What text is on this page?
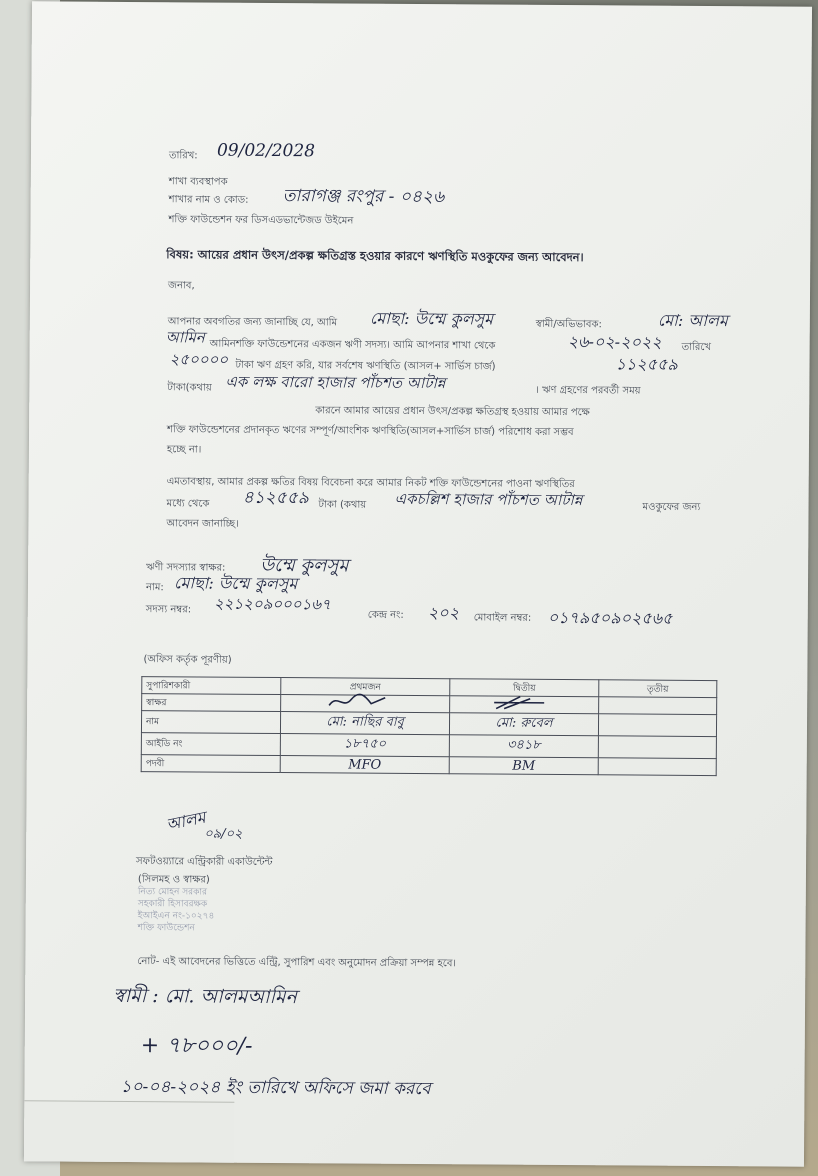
তারিখ: 09/02/2028
শাখা ব্যবস্থাপক
শাখার নাম ও কোড: তারাগঞ্জ রংপুর - ০৪২৬
শক্তি ফাউন্ডেশন ফর ডিসএডভান্টেজড উইমেন
বিষয়: আয়ের প্রধান উৎস/প্রকল্প ক্ষতিগ্রস্ত হওয়ার কারণে ঋণস্থিতি মওকুফের জন্য আবেদন।
জনাব,
আপনার অবগতির জন্য জানাচ্ছি যে, আমি মোছা: উম্মে কুলসুম	স্বামী/অভিভাবক:	মো: আলম
আমিন আমিনশক্তি ফাউন্ডেশনের একজন ঋণী সদস্য। আমি আপনার শাখা থেকে	২৬-০২-২০২২ তারিখে
২৫০০০০ টাকা ঋণ গ্রহণ করি, যার সর্বশেষ ঋণস্থিতি (আসল+ সার্ভিস চার্জ)	১১২৫৫৯
টাকা(কথায় এক লক্ষ বারো হাজার পাঁচশত আটান্ন	। ঋণ গ্রহণের পরবর্তী সময়
কারনে আমার আয়ের প্রধান উৎস/প্রকল্প ক্ষতিগ্রস্থ হওয়ায় আমার পক্ষে
শক্তি ফাউন্ডেশনের প্রদানকৃত ঋণের সম্পূর্ণ/আংশিক ঋণস্থিতি(আসল+সার্ভিস চার্জ) পরিশোধ করা সম্ভব
হচ্ছে না।
এমতাবস্থায়, আমার প্রকল্প ক্ষতির বিষয় বিবেচনা করে আমার নিকট শক্তি ফাউন্ডেশনের পাওনা ঋণস্থিতির
মধ্যে থেকে ৪১২৫৫৯ টাকা (কথায় একচল্লিশ হাজার পাঁচশত আটান্ন	মওকুফের জন্য
আবেদন জানাচ্ছি।
ঋণী সদস্যার স্বাক্ষর: উম্মে কুলসুম
নাম: মোছা: উম্মে কুলসুম
সদস্য নম্বর: ২২১২০৯০০০১৬৭
কেন্দ্র নং: ২০২ মোবাইল নম্বর: ০১৭৯৫০৯০২৫৬৫
(অফিস কর্তৃক পূরণীয়)
সুপারিশকারী	প্রথমজন	দ্বিতীয়	তৃতীয়
স্বাক্ষর	

নাম	মো: নাছির বাবু	মো: রুবেল	
আইডি নং	১৮৭৫০	৩৪১৮	
পদবী	MFO	BM	
আলম
০৯/০২
সফটওয়্যারে এন্ট্রিকারী একাউন্টেন্ট
(সিলমহ ও স্বাক্ষর)
নিত্য মোহন সরকার
সহকারী হিসাবরক্ষক
ইআইএন নং-১০২৭৪
শক্তি ফাউন্ডেশন
নোট- এই আবেদনের ভিত্তিতে এন্ট্রি, সুপারিশ এবং অনুমোদন প্রক্রিয়া সম্পন্ন হবে।
স্বামী : মো. আলমআমিন
+ ৭৮০০০/-
১০-০৪-২০২৪ ইং তারিখে অফিসে জমা করবে
